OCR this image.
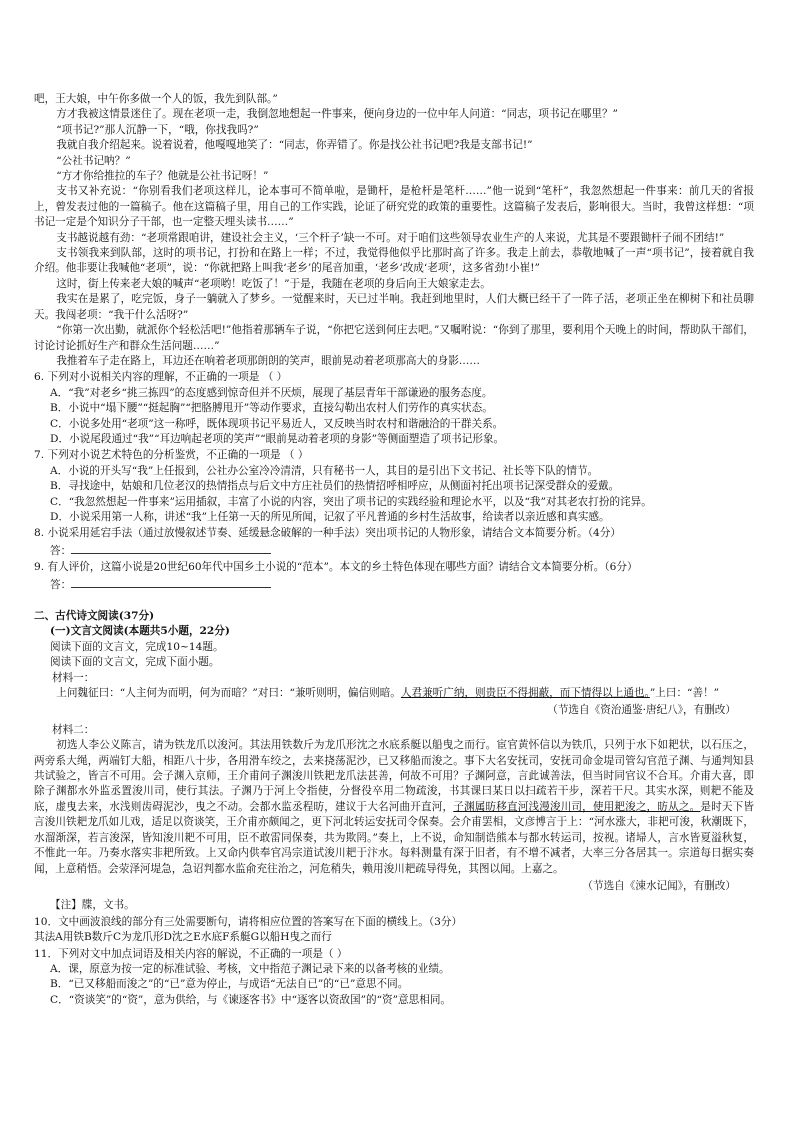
吧，王大娘，中午你多做一个人的饭，我先到队部。”

方才我被这情景迷住了。现在老项一走，我倒忽地想起一件事来，便向身边的一位中年人问道：“同志，项书记在哪里？”

“项书记?”那人沉静一下，“哦，你找我吗?”

我就自我介绍起来。说着说着，他嘎嘎地笑了：“同志，你弄错了。你是找公社书记吧?我是支部书记!”

“公社书记呐？”

“方才你给推拉的车子？他就是公社书记呀！”

支书又补充说：“你别看我们老项这样儿，论本事可不简单啦，是锄杆，是枪杆是笔杆……”他一说到“笔杆”，我忽然想起一件事来：前几天的省报上，曾发表过他的一篇稿子。他在这篇稿子里，用自己的工作实践，论证了研究党的政策的重要性。这篇稿子发表后，影响很大。当时，我曾这样想：“项书记一定是个知识分子干部，也一定整天埋头读书……”

支书越说越有劲：“老项常跟咱讲，建设社会主义，‘三个杆子’缺一不可。对于咱们这些领导农业生产的人来说，尤其是不要跟锄杆子闹不团结!”

支书领我来到队部，这时的项书记，打扮和在路上一样；不过，我觉得他似乎比那时高了许多。我走上前去，恭敬地喊了一声“项书记”，接着就自我介绍。他非要让我喊他“老项”，说：“你就把路上叫我‘老乡’的尾音加重，‘老乡’改成‘老项’，这多省劲!小崔!”

这时，街上传来老大娘的喊声“老项哟！吃饭了！”于是，我随在老项的身后向王大娘家走去。

我实在是累了，吃完饭，身子一躺就入了梦乡。一觉醒来时，天已过半响。我赶到地里时，人们大概已经干了一阵子活，老项正坐在柳树下和社员聊天。我闯老项：“我干什么活呀?”

“你第一次出勤，就派你个轻松活吧!”他指着那辆车子说，“你把它送到何庄去吧。”又嘱咐说：“你到了那里，要利用个天晚上的时间，帮助队干部们，讨论讨论抓好生产和群众生活问题……”

我推着车子走在路上，耳边还在响着老项那朗朗的笑声，眼前晃动着老项那高大的身影……

6. 下列对小说相关内容的理解，不正确的一项是 （ ）

A．“我”对老乡“挑三拣四”的态度感到惊奇但并不厌烦，展现了基层青年干部谦逊的服务态度。

B．小说中“塌下腰”“挺起胸”“把胳膊甩开”等动作要求，直接勾勒出农村人们劳作的真实状态。

C．小说多处用“老项”这一称呼，既体现项书记平易近人，又反映当时农村和谐融洽的干群关系。

D．小说尾段通过“我”“耳边响起老项的笑声”“眼前晃动着老项的身影”等侧面塑造了项书记形象。

7. 下列对小说艺术特色的分析鉴赏，不正确的一项是 （ ）

A．小说的开头写“我”上任报到，公社办公室冷冷清清，只有秘书一人，其目的是引出下文书记、社长等下队的情节。

B．寻找途中，姑娘和几位老汉的热情指点与后文中方庄社员们的热情招呼相呼应，从侧面衬托出项书记深受群众的爱戴。

C．“我忽然想起一件事来”运用插叙，丰富了小说的内容，突出了项书记的实践经验和理论水平，以及“我”对其老农打扮的诧异。

D．小说采用第一人称，讲述“我”上任第一天的所见所闻，记叙了平凡普通的乡村生活故事，给读者以亲近感和真实感。

8. 小说采用延宕手法（通过放慢叙述节奏、延缓悬念破解的一种手法）突出项书记的人物形象，请结合文本简要分析。（4分）

答：

9. 有人评价，这篇小说是20世纪60年代中国乡土小说的“范本”。本文的乡土特色体现在哪些方面？请结合文本简要分析。（6分）

答：

二、古代诗文阅读(37分)

(一)文言文阅读(本题共5小题，22分)

阅读下面的文言文，完成10~14题。

阅读下面的文言文，完成下面小题。

材料一：

上问魏征曰：“人主何为而明，何为而暗？”对曰：“兼听则明，偏信则暗。人君兼听广纳，则贵臣不得拥蔽，而下情得以上通也。”上曰：“善！”

（节选自《资治通鉴·唐纪八》，有删改）

材料二：

初选人李公义陈言，请为铁龙爪以浚河。其法用铁数斤为龙爪形沈之水底系艇以船曳之而行。宦官黄怀信以为铁爪，只列于水下如耙状，以石压之，两旁系大绳，两端钉大船，相距八十步，各用滑车绞之，去来挠荡泥沙，已又移船而浚之。事下大名安抚司，安抚司命金堤司管勾官范子渊、与通判知县共试验之，皆言不可用。会子渊入京师，王介甫问子渊浚川铁耙龙爪法甚善，何故不可用？子渊阿意，言此诚善法，但当时同官议不合耳。介甫大喜，即除子渊都水外监丞置浚川司，使行其法。子渊乃于河上令指使，分督役卒用二物疏浚，书其课曰某日以扫疏若干步，深若干尺。其实水深，则耙不能及底，虚曳去来，水浅则齿碍泥沙，曳之不动。会都水监丞程昉，建议于大名河曲开直河，子渊属昉移直河浅漫浚川司，使用耙浚之，昉从之。是时天下皆言浚川铁耙龙爪如儿戏，适足以资谈笑，王介甫亦颇闻之，更下河北转运安抚司令保奏。会介甫罢相，文彦博言于上：“河水涨大，非耙可浚，秋潮既下，水溜渐深，若言浚深，皆知浚川耙不可用，臣不敢雷同保奏，共为欺罔。”奏上，上不说，命知制诰熊本与都水转运司，按视。诸埽人，言水皆夏溢秋复，不惟此一年。乃奏水落实非耙所致。上又命内供奉官冯宗道试浚川耙于汴水。每料测量有深于旧者，有不增不减者，大率三分各居其一。宗道每日据实奏闻，上意稍悟。会荥泽河堤急，急诏判都水监俞充往治之，河危稍失，赖用浚川耙疏导得免，其图以闻。上嘉之。

（节选自《涑水记闻》，有删改）

【注】牒，文书。

10．文中画波浪线的部分有三处需要断句，请将相应位置的答案写在下面的横线上。（3分）

其法A用铁B数斤C为龙爪形D沈之E水底F系艇G以船H曳之而行

11．下列对文中加点词语及相关内容的解说，不正确的一项是（ ）

A．课，原意为按一定的标准试验、考核，文中指范子渊记录下来的以备考核的业绩。

B．“已又移船而浚之”的“已”意为停止，与成语“无法自已”的“已”意思不同。

C．“资谈笑”的“资”，意为供给，与《谏逐客书》中“逐客以资敌国”的“资”意思相同。
